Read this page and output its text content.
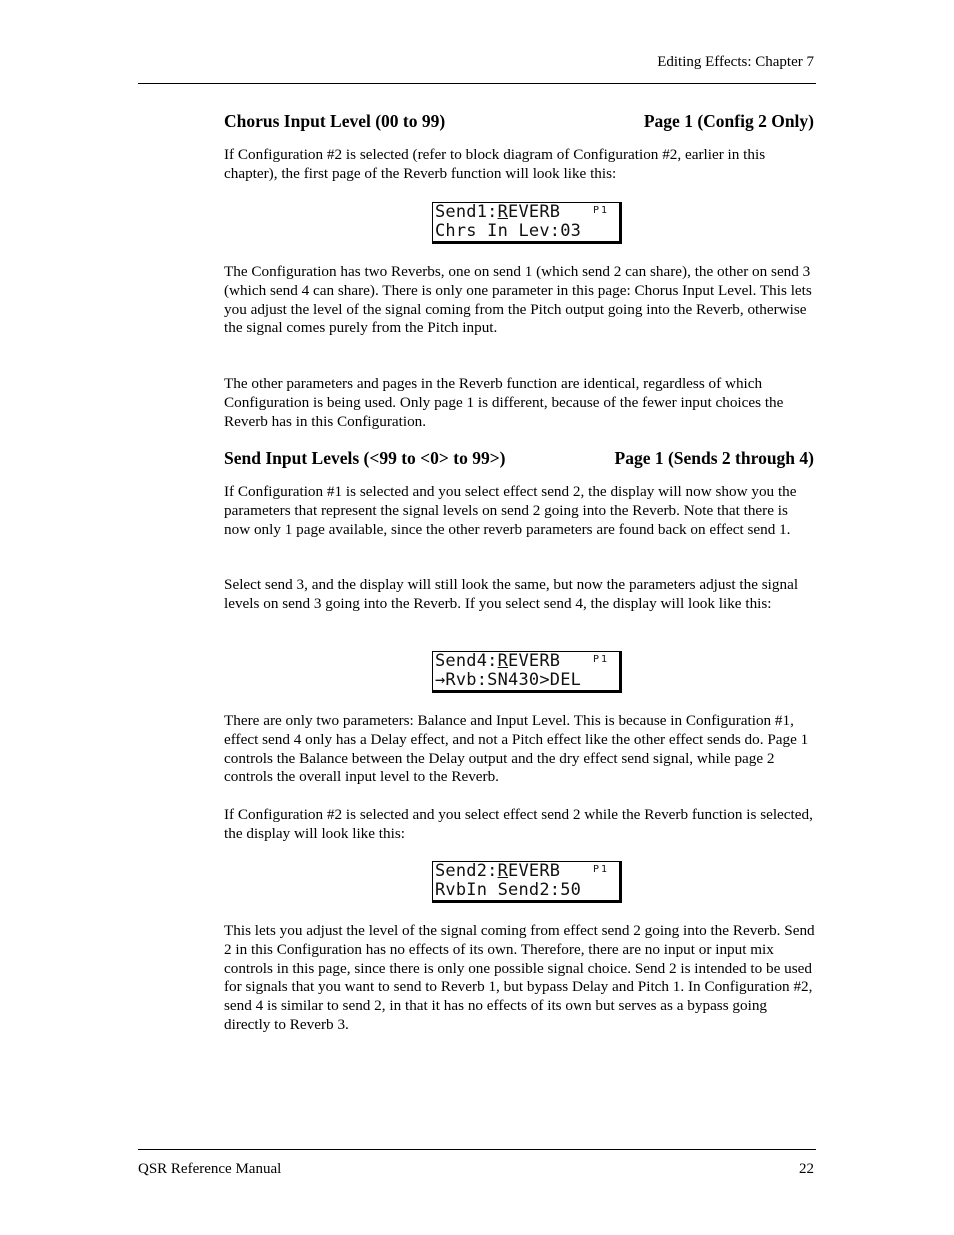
Editing Effects: Chapter 7
Chorus Input Level (00 to 99)	Page 1 (Config 2 Only)

If Configuration #2 is selected (refer to block diagram of Configuration #2, earlier in this chapter), the first page of the Reverb function will look like this:

Send1:REVERB
Chrs In Lev:03
P1

The Configuration has two Reverbs, one on send 1 (which send 2 can share), the other on send 3 (which send 4 can share). There is only one parameter in this page: Chorus Input Level. This lets you adjust the level of the signal coming from the Pitch output going into the Reverb, otherwise the signal comes purely from the Pitch input.

The other parameters and pages in the Reverb function are identical, regardless of which Configuration is being used. Only page 1 is different, because of the fewer input choices the Reverb has in this Configuration.

Send Input Levels (<99 to <0> to 99>)	Page 1 (Sends 2 through 4)

If Configuration #1 is selected and you select effect send 2, the display will now show you the parameters that represent the signal levels on send 2 going into the Reverb. Note that there is now only 1 page available, since the other reverb parameters are found back on effect send 1.

Select send 3, and the display will still look the same, but now the parameters adjust the signal levels on send 3 going into the Reverb. If you select send 4, the display will look like this:

Send4:REVERB
→Rvb:SN430>DEL
P1

There are only two parameters: Balance and Input Level. This is because in Configuration #1, effect send 4 only has a Delay effect, and not a Pitch effect like the other effect sends do. Page 1 controls the Balance between the Delay output and the dry effect send signal, while page 2 controls the overall input level to the Reverb.

If Configuration #2 is selected and you select effect send 2 while the Reverb function is selected, the display will look like this:

Send2:REVERB
RvbIn Send2:50
P1

This lets you adjust the level of the signal coming from effect send 2 going into the Reverb. Send 2 in this Configuration has no effects of its own. Therefore, there are no input or input mix controls in this page, since there is only one possible signal choice. Send 2 is intended to be used for signals that you want to send to Reverb 1, but bypass Delay and Pitch 1. In Configuration #2, send 4 is similar to send 2, in that it has no effects of its own but serves as a bypass going directly to Reverb 3.

QSR Reference Manual	22
